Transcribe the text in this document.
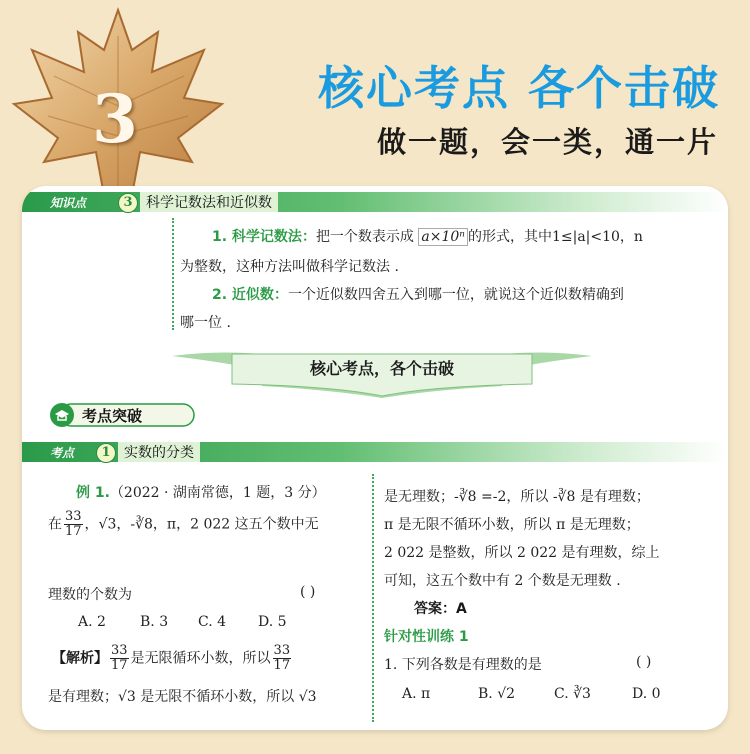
3	核心考点 各个击破
做一题，会一类，通一片
知识点	3 科学记数法和近似数
1. 科学记数法：把一个数表示成 a×10ⁿ 的形式，其中1≤|a|<10，n
为整数，这种方法叫做科学记数法 .
2. 近似数：一个近似数四舍五入到哪一位，就说这个近似数精确到
哪一位 .
核心考点，各个击破
考点突破
考点	1 实数的分类
例 1.（2022 · 湖南常德，1 题，3 分）
在 $\frac{33}{17}$ ，√3，-∛8，π，2 022 这五个数中无
理数的个数为	( )
A. 2 B. 3 C. 4 D. 5
【解析】 $\frac{33}{17}$ 是无限循环小数，所以 $\frac{33}{17}$
是有理数；√3 是无限不循环小数，所以 √3
是无理数；-∛8 =-2，所以 -∛8 是有理数；
π 是无限不循环小数，所以 π 是无理数；
2 022 是整数，所以 2 022 是有理数，综上
可知，这五个数中有 2 个数是无理数 .
答案：A
针对性训练 1
1. 下列各数是有理数的是	( )
A. π	B. √2	C. ∛3	D. 0
